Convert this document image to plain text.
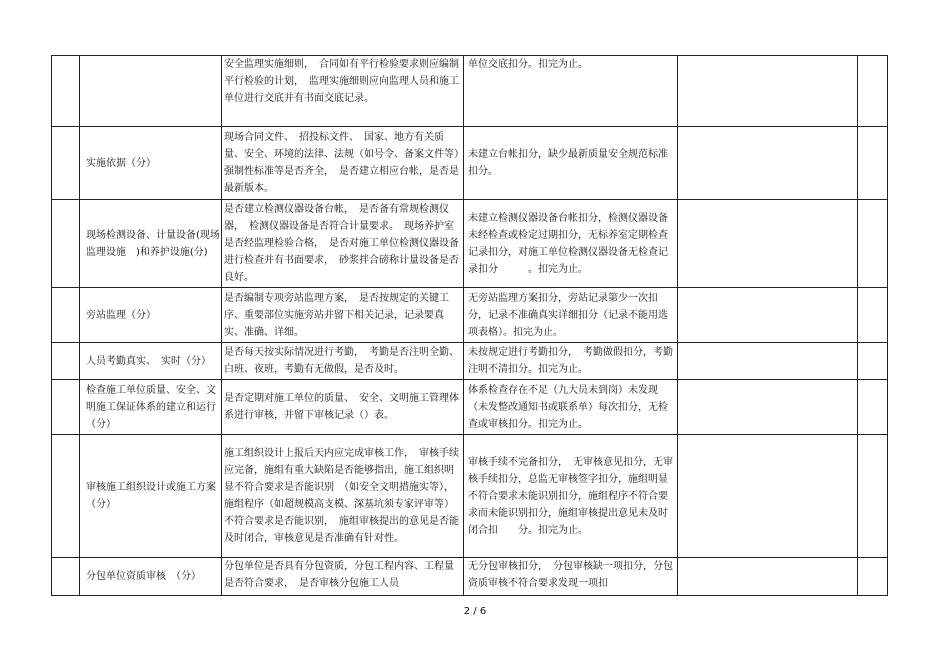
		安全监理实施细则，　合同如有平行检验要求则应编制平行检验的计划，　监理实施细则应向监理人员和施工单位进行交底并有书面交底记录。	单位交底扣分。扣完为止。		
	实施依据（分）	现场合同文件、　招投标文件、　国家、地方有关质量、安全、环境的法律、法规（如号令、备案文件等）强制性标准等是否齐全，　是否建立相应台帐，是否是最新版本。	未建立台帐扣分，缺少最新质量安全规范标准扣分。		
	现场检测设备、计量设备(现场监理设施　)和养护设施(分)	是否建立检测仪器设备台帐，　是否备有常规检测仪器，　检测仪器设备是否符合计量要求。　现场养护室是否经监理检验合格，　是否对施工单位检测仪器设备进行检查并有书面要求，　砂浆拌合磅称计量设备是否良好。	未建立检测仪器设备台帐扣分，检测仪器设备未经检查或检定过期扣分，无标养室定期检查记录扣分，对施工单位检测仪器设备无检查记录扣分　　　。扣完为止。		
	旁站监理（分）	是否编制专项旁站监理方案，　是否按规定的关键工序、重要部位实施旁站并留下相关记录，记录要真实、准确、详细。	无旁站监理方案扣分，旁站记录第少一次扣分，记录不准确真实详细扣分（记录不能用选项表格）。扣完为止。		
	人员考勤真实、　实时（分）	是否每天按实际情况进行考勤，　考勤是否注明全勤、白班、夜班，考勤有无做假，是否及时。	未按规定进行考勤扣分，　考勤做假扣分，考勤注明不清扣分。扣完为止。		
	检查施工单位质量、安全、文明施工保证体系的建立和运行（分）	是否定期对施工单位的质量、　安全、文明施工管理体系进行审核，并留下审核记录（）表。	体系检查存在不足（九大员未到岗）未发现（未发整改通知书或联系单）每次扣分，无检查或审核扣分。扣完为止。		
	审核施工组织设计或施工方案（分）	施工组织设计上报后天内应完成审核工作，　审核手续应完备，施组有重大缺陷是否能够指出，施工组织明显不符合要求是否能识别　（如安全文明措施实等），　施组程序（如超规模高支模、深基坑须专家评审等）　不符合要求是否能识别，　施组审核提出的意见是否能及时闭合，审核意见是否准确有针对性。	审核手续不完备扣分，　无审核意见扣分，无审核手续扣分，总监无审核签字扣分，施组明显不符合要求未能识别扣分，施组程序不符合要求而未能识别扣分，施组审核提出意见未及时闭合扣　　分。扣完为止。		
	分包单位资质审核　（分）	分包单位是否具有分包资质，分包工程内容、工程量是否符合要求，　是否审核分包施工人员	无分包审核扣分，　分包审核缺一项扣分，分包资质审核不符合要求发现一项扣		
2 / 6
